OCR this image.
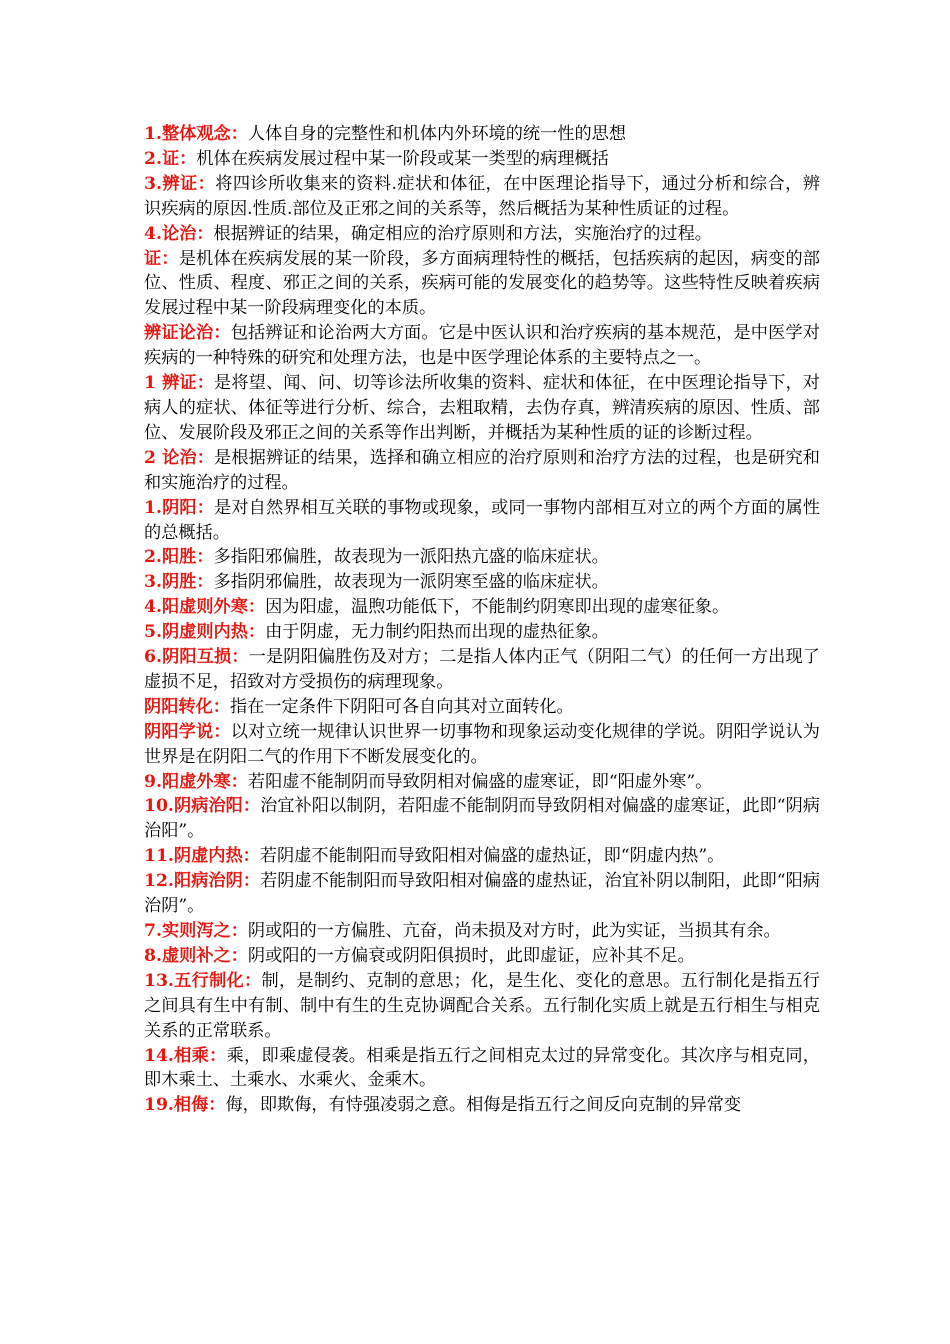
1.整体观念：人体自身的完整性和机体内外环境的统一性的思想

2.证：机体在疾病发展过程中某一阶段或某一类型的病理概括

3.辨证：将四诊所收集来的资料.症状和体征，在中医理论指导下，通过分析和综合，辨识疾病的原因.性质.部位及正邪之间的关系等，然后概括为某种性质证的过程。

4.论治：根据辨证的结果，确定相应的治疗原则和方法，实施治疗的过程。

证：是机体在疾病发展的某一阶段，多方面病理特性的概括，包括疾病的起因，病变的部位、性质、程度、邪正之间的关系，疾病可能的发展变化的趋势等。这些特性反映着疾病发展过程中某一阶段病理变化的本质。

辨证论治：包括辨证和论治两大方面。它是中医认识和治疗疾病的基本规范，是中医学对疾病的一种特殊的研究和处理方法，也是中医学理论体系的主要特点之一。

1 辨证：是将望、闻、问、切等诊法所收集的资料、症状和体征，在中医理论指导下，对病人的症状、体征等进行分析、综合，去粗取精，去伪存真，辨清疾病的原因、性质、部位、发展阶段及邪正之间的关系等作出判断，并概括为某种性质的证的诊断过程。

2 论治：是根据辨证的结果，选择和确立相应的治疗原则和治疗方法的过程，也是研究和和实施治疗的过程。

1.阴阳：是对自然界相互关联的事物或现象，或同一事物内部相互对立的两个方面的属性的总概括。

2.阳胜：多指阳邪偏胜，故表现为一派阳热亢盛的临床症状。

3.阴胜：多指阴邪偏胜，故表现为一派阴寒至盛的临床症状。

4.阳虚则外寒：因为阳虚，温煦功能低下，不能制约阴寒即出现的虚寒征象。

5.阴虚则内热：由于阴虚，无力制约阳热而出现的虚热征象。

6.阴阳互损：一是阴阳偏胜伤及对方；二是指人体内正气（阴阳二气）的任何一方出现了虚损不足，招致对方受损伤的病理现象。

阴阳转化：指在一定条件下阴阳可各自向其对立面转化。

阴阳学说：以对立统一规律认识世界一切事物和现象运动变化规律的学说。阴阳学说认为世界是在阴阳二气的作用下不断发展变化的。

9.阳虚外寒：若阳虚不能制阴而导致阴相对偏盛的虚寒证，即“阳虚外寒”。

10.阴病治阳：治宜补阳以制阴，若阳虚不能制阴而导致阴相对偏盛的虚寒证，此即“阴病治阳”。

11.阴虚内热：若阴虚不能制阳而导致阳相对偏盛的虚热证，即“阴虚内热”。

12.阳病治阴：若阴虚不能制阳而导致阳相对偏盛的虚热证，治宜补阴以制阳，此即“阳病治阴”。

7.实则泻之：阴或阳的一方偏胜、亢奋，尚未损及对方时，此为实证，当损其有余。

8.虚则补之：阴或阳的一方偏衰或阴阳俱损时，此即虚证，应补其不足。

13.五行制化：制，是制约、克制的意思；化，是生化、变化的意思。五行制化是指五行之间具有生中有制、制中有生的生克协调配合关系。五行制化实质上就是五行相生与相克关系的正常联系。

14.相乘：乘，即乘虚侵袭。相乘是指五行之间相克太过的异常变化。其次序与相克同，即木乘土、土乘水、水乘火、金乘木。

19.相侮：侮，即欺侮，有恃强凌弱之意。相侮是指五行之间反向克制的异常变
